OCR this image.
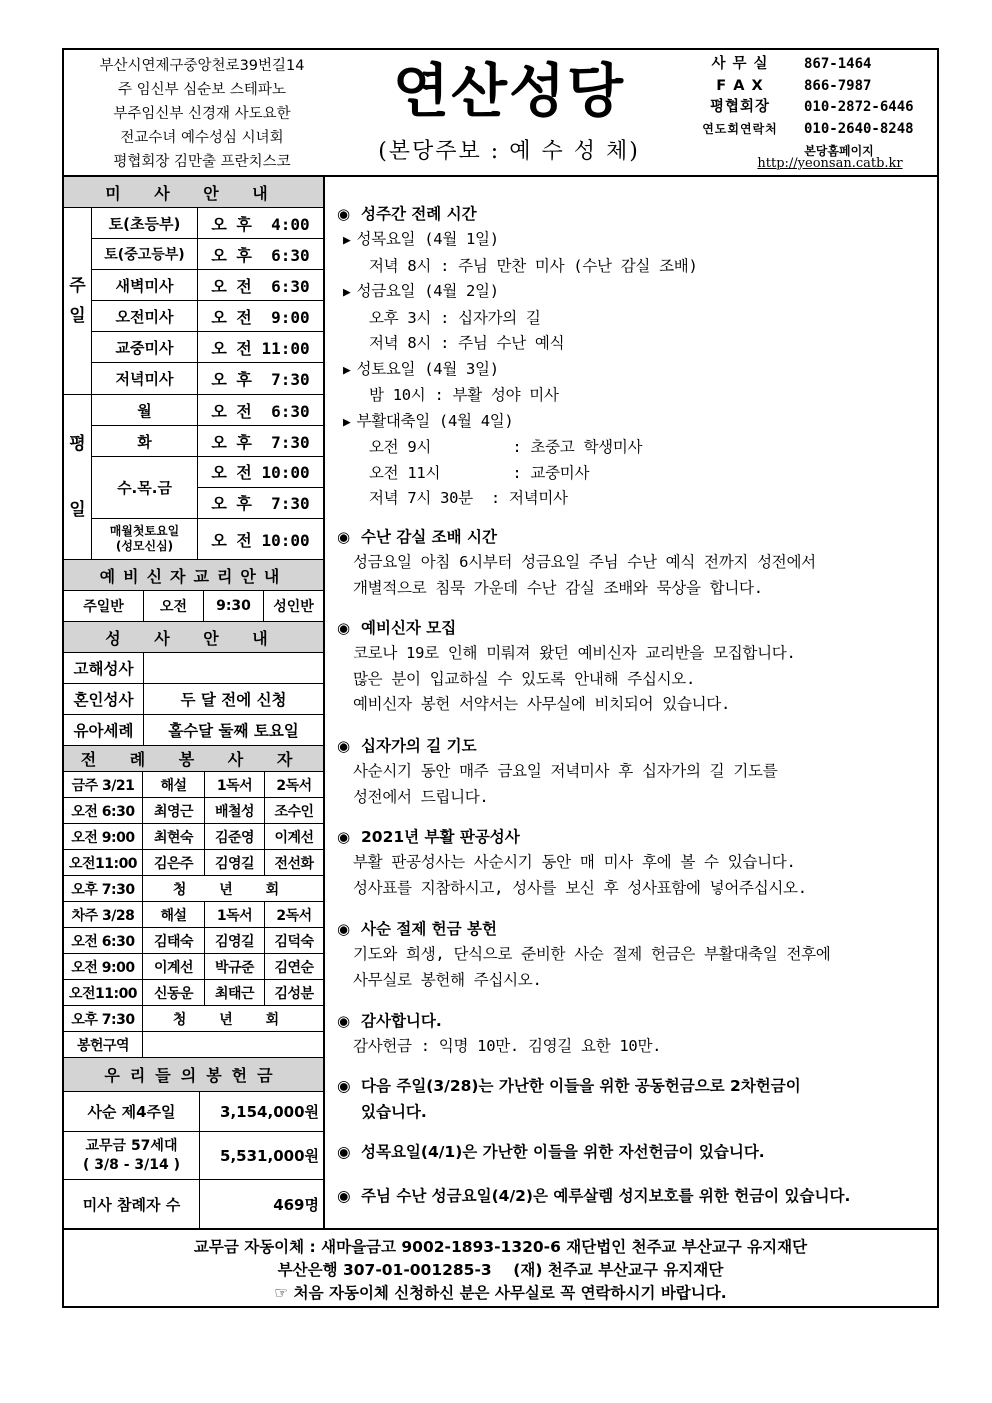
부산시연제구중앙천로39번길14
주 임신부 심순보 스테파노
부주임신부 신경재 사도요한
전교수녀 예수성심 시녀회
평협회장 김만출 프란치스코
연산성당
(본당주보 : 예 수 성 체)
사 무 실	867-1464
F A X	866-7987
평협회장	010-2872-6446
연도회연락처	010-2640-8248
본당홈페이지
http://yeonsan.catb.kr
미 사 안 내
주
일
토(초등부)	오 후  4:00
토(중고등부)	오 후  6:30
새벽미사	오 전  6:30
오전미사	오 전  9:00
교중미사	오 전 11:00
저녁미사	오 후  7:30
평
일
월	오 전  6:30
화	오 후  7:30
수.목.금
오 전 10:00
오 후  7:30
매월첫토요일
(성모신심)	오 전 10:00
예비신자교리안내
주일반	오전	9:30	성인반
성 사 안 내
고해성사
혼인성사	두 달 전에 신청
유아세례	홀수달 둘째 토요일
전 례 봉 사 자
금주 3/21	해설	1독서	2독서
오전 6:30	최영근	배철성	조수인
오전 9:00	최현숙	김준영	이계선
오전11:00	김은주	김영길	전선화
오후 7:30	청 년 회
차주 3/28	해설	1독서	2독서
오전 6:30	김태숙	김영길	김덕숙
오전 9:00	이계선	박규준	김연순
오전11:00	신동운	최태근	김성분
오후 7:30	청 년 회
봉헌구역
우리들의봉헌금
사순 제4주일	3,154,000원
교무금 57세대
( 3/8 - 3/14 )	5,531,000원
미사 참례자 수	469명
◉ 성주간 전례 시간
▶ 성목요일 (4월 1일)
저녁 8시 : 주님 만찬 미사 (수난 감실 조배)
▶ 성금요일 (4월 2일)
오후 3시 : 십자가의 길
저녁 8시 : 주님 수난 예식
▶ 성토요일 (4월 3일)
밤 10시 : 부활 성야 미사
▶ 부활대축일 (4월 4일)
오전 9시         : 초중고 학생미사
오전 11시        : 교중미사
저녁 7시 30분  : 저녁미사
◉ 수난 감실 조배 시간
성금요일 아침 6시부터 성금요일 주님 수난 예식 전까지 성전에서
개별적으로 침묵 가운데 수난 감실 조배와 묵상을 합니다.
◉ 예비신자 모집
코로나 19로 인해 미뤄져 왔던 예비신자 교리반을 모집합니다.
많은 분이 입교하실 수 있도록 안내해 주십시오.
예비신자 봉헌 서약서는 사무실에 비치되어 있습니다.
◉ 십자가의 길 기도
사순시기 동안 매주 금요일 저녁미사 후 십자가의 길 기도를
성전에서 드립니다.
◉ 2021년 부활 판공성사
부활 판공성사는 사순시기 동안 매 미사 후에 볼 수 있습니다.
성사표를 지참하시고, 성사를 보신 후 성사표함에 넣어주십시오.
◉ 사순 절제 헌금 봉헌
기도와 희생, 단식으로 준비한 사순 절제 헌금은 부활대축일 전후에
사무실로 봉헌해 주십시오.
◉ 감사합니다.
감사헌금 : 익명 10만. 김영길 요한 10만.
◉ 다음 주일(3/28)는 가난한 이들을 위한 공동헌금으로 2차헌금이
있습니다.
◉ 성목요일(4/1)은 가난한 이들을 위한 자선헌금이 있습니다.
◉ 주님 수난 성금요일(4/2)은 예루살렘 성지보호를 위한 헌금이 있습니다.
교무금 자동이체 : 새마을금고 9002-1893-1320-6 재단법인 천주교 부산교구 유지재단
부산은행 307-01-001285-3    (재) 천주교 부산교구 유지재단
☞ 처음 자동이체 신청하신 분은 사무실로 꼭 연락하시기 바랍니다.
